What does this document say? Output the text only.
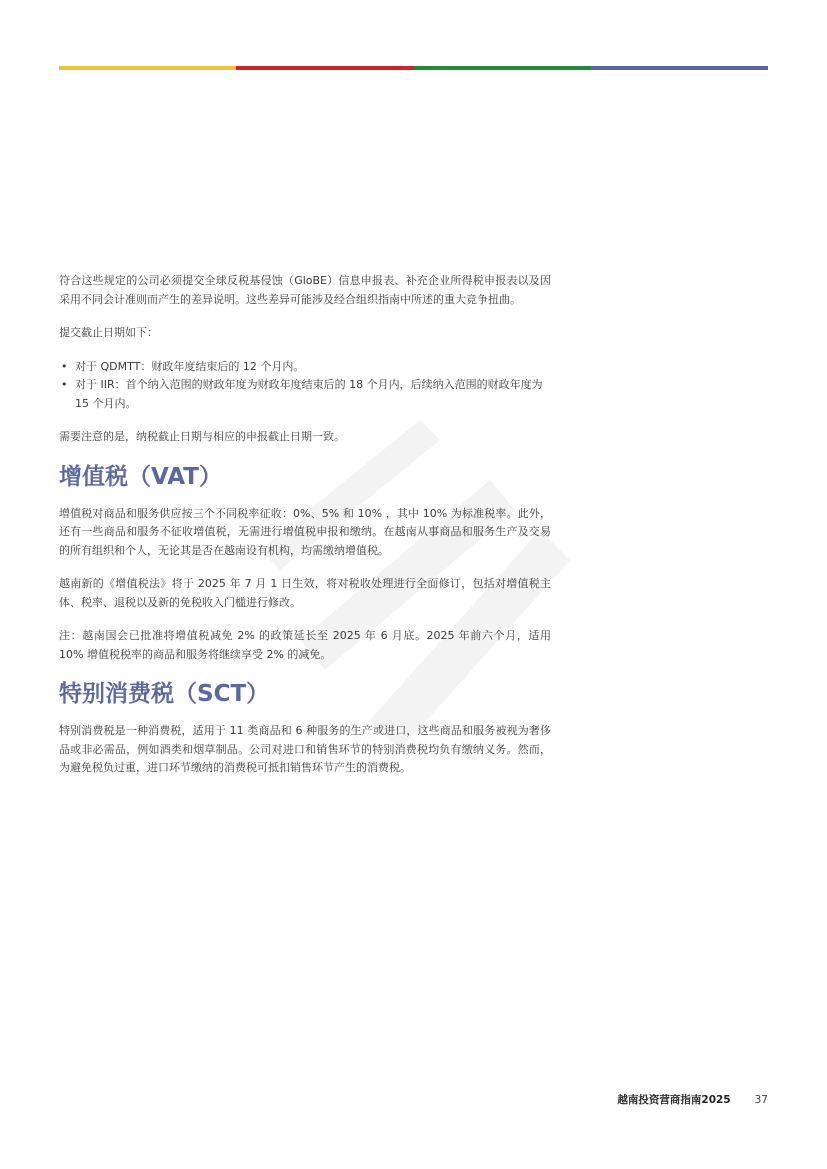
符合这些规定的公司必须提交全球反税基侵蚀（GloBE）信息申报表、补充企业所得税申报表以及因采用不同会计准则而产生的差异说明。这些差异可能涉及经合组织指南中所述的重大竞争扭曲。

提交截止日期如下：

• 对于 QDMTT：财政年度结束后的 12 个月内。
• 对于 IIR：首个纳入范围的财政年度为财政年度结束后的 18 个月内，后续纳入范围的财政年度为 15 个月内。

需要注意的是，纳税截止日期与相应的申报截止日期一致。

增值税（VAT）

增值税对商品和服务供应按三个不同税率征收：0%、5% 和 10% ，其中 10% 为标准税率。此外，还有一些商品和服务不征收增值税，无需进行增值税申报和缴纳。在越南从事商品和服务生产及交易的所有组织和个人，无论其是否在越南设有机构，均需缴纳增值税。

越南新的《增值税法》将于 2025 年 7 月 1 日生效，将对税收处理进行全面修订，包括对增值税主体、税率、退税以及新的免税收入门槛进行修改。

注：越南国会已批准将增值税减免 2% 的政策延长至 2025 年 6 月底。2025 年前六个月，适用 10% 增值税税率的商品和服务将继续享受 2% 的减免。

特别消费税（SCT）

特别消费税是一种消费税，适用于 11 类商品和 6 种服务的生产或进口，这些商品和服务被视为奢侈品或非必需品，例如酒类和烟草制品。公司对进口和销售环节的特别消费税均负有缴纳义务。然而，为避免税负过重，进口环节缴纳的消费税可抵扣销售环节产生的消费税。

越南投资营商指南2025 37
